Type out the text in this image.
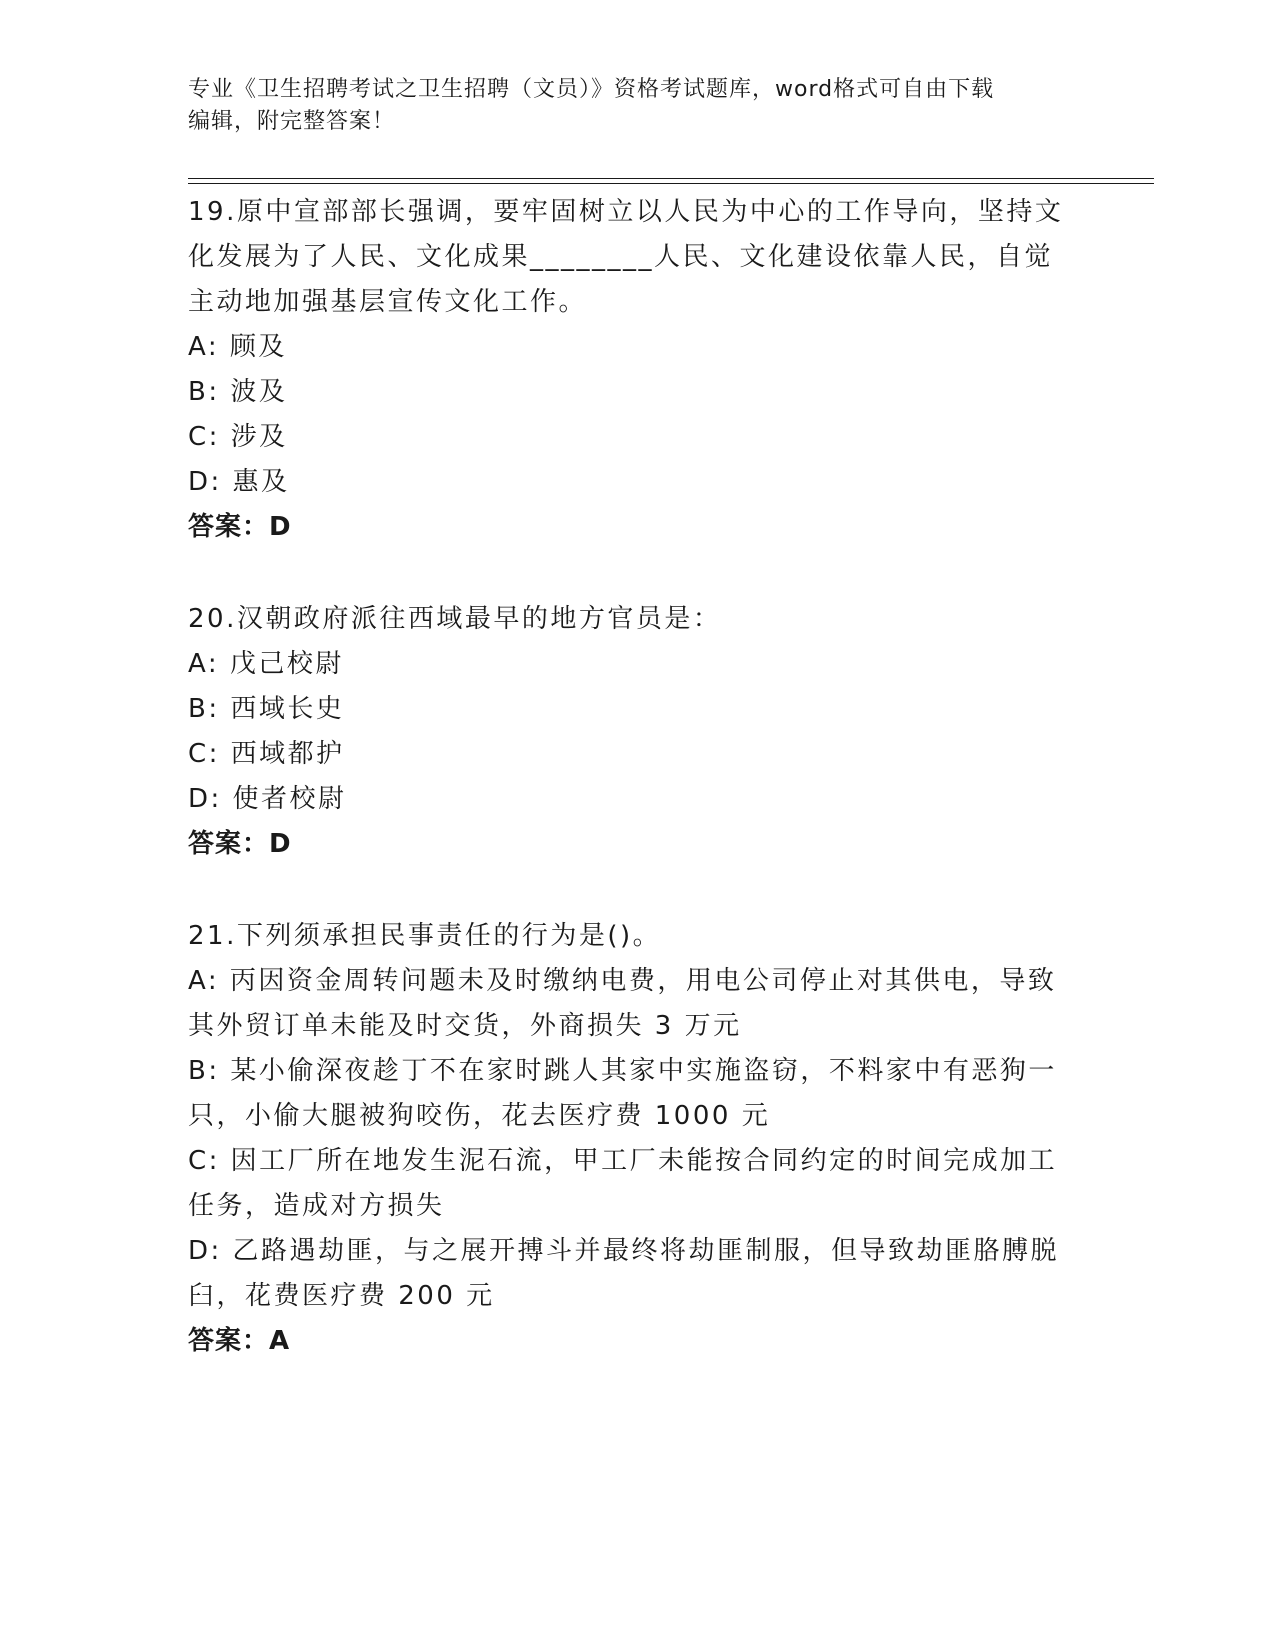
专业《卫生招聘考试之卫生招聘（文员）》资格考试题库，word格式可自由下载
编辑，附完整答案！
19.原中宣部部长强调，要牢固树立以人民为中心的工作导向，坚持文
化发展为了人民、文化成果________人民、文化建设依靠人民，自觉
主动地加强基层宣传文化工作。
A: 顾及
B: 波及
C: 涉及
D: 惠及
答案：D
20.汉朝政府派往西域最早的地方官员是：
A: 戊己校尉
B: 西域长史
C: 西域都护
D: 使者校尉
答案：D
21.下列须承担民事责任的行为是()。
A: 丙因资金周转问题未及时缴纳电费，用电公司停止对其供电，导致
其外贸订单未能及时交货，外商损失 3 万元
B: 某小偷深夜趁丁不在家时跳人其家中实施盗窃，不料家中有恶狗一
只，小偷大腿被狗咬伤，花去医疗费 1000 元
C: 因工厂所在地发生泥石流，甲工厂未能按合同约定的时间完成加工
任务，造成对方损失
D: 乙路遇劫匪，与之展开搏斗并最终将劫匪制服，但导致劫匪胳膊脱
臼，花费医疗费 200 元
答案：A
